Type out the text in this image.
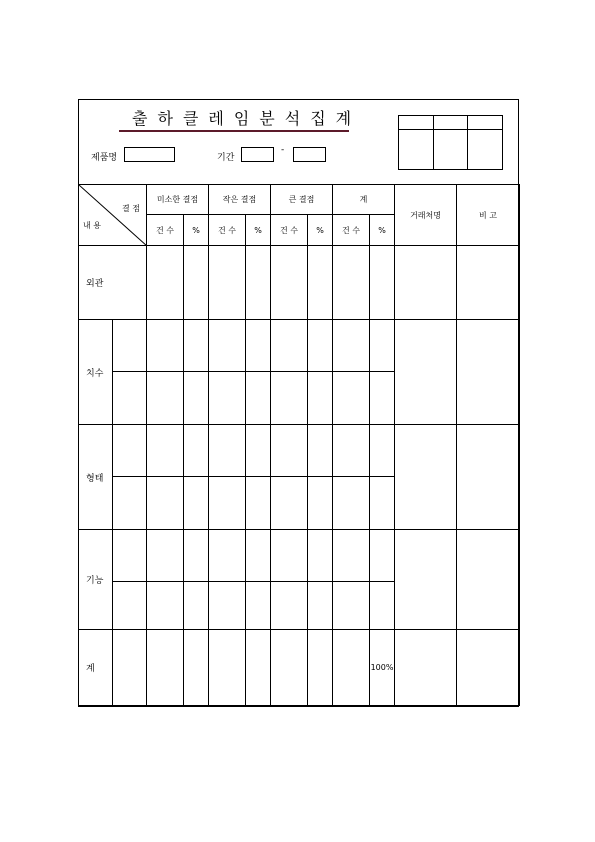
출하클레임분석집계
제품명	기간
-

결 점
내 용		미소한 결점		작은 결점		큰 결점		계		거래처명	비 고
		건 수	%	건 수	%	건 수	%	건 수	%		
외관											
치수											

형태											

기능											

계									100%		
